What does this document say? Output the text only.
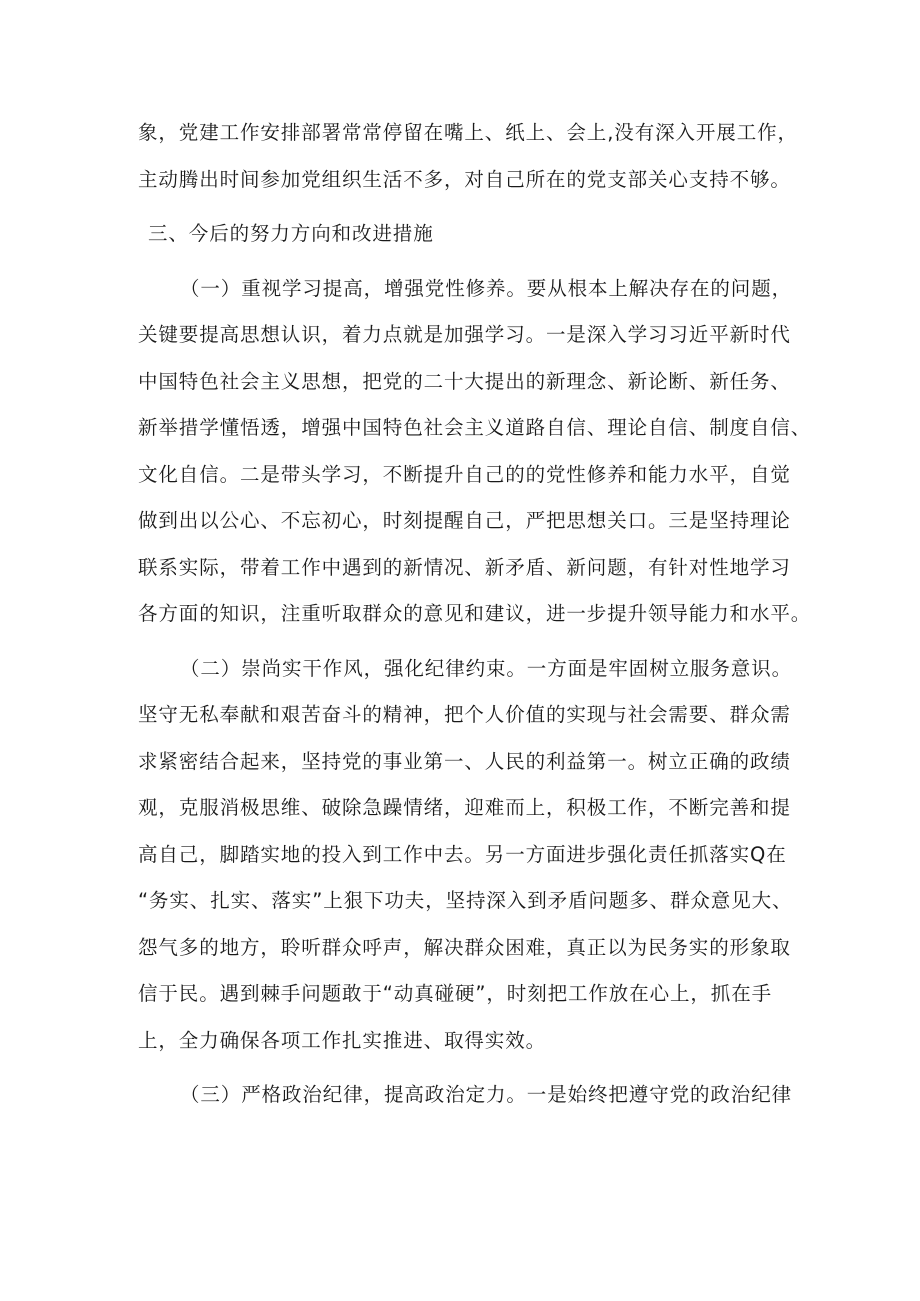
象，党建工作安排部署常常停留在嘴上、纸上、会上,没有深入开展工作，
主动腾出时间参加党组织生活不多，对自己所在的党支部关心支持不够。
三、今后的努力方向和改进措施
（一）重视学习提高，增强党性修养。要从根本上解决存在的问题，
关键要提高思想认识，着力点就是加强学习。一是深入学习习近平新时代
中国特色社会主义思想，把党的二十大提出的新理念、新论断、新任务、
新举措学懂悟透，增强中国特色社会主义道路自信、理论自信、制度自信、
文化自信。二是带头学习，不断提升自己的的党性修养和能力水平，自觉
做到出以公心、不忘初心，时刻提醒自己，严把思想关口。三是坚持理论
联系实际，带着工作中遇到的新情况、新矛盾、新问题，有针对性地学习
各方面的知识，注重听取群众的意见和建议，进一步提升领导能力和水平。
（二）崇尚实干作风，强化纪律约束。一方面是牢固树立服务意识。
坚守无私奉献和艰苦奋斗的精神，把个人价值的实现与社会需要、群众需
求紧密结合起来，坚持党的事业第一、人民的利益第一。树立正确的政绩
观，克服消极思维、破除急躁情绪，迎难而上，积极工作，不断完善和提
高自己，脚踏实地的投入到工作中去。另一方面进步强化责任抓落实Q在
“务实、扎实、落实”上狠下功夫，坚持深入到矛盾问题多、群众意见大、
怨气多的地方，聆听群众呼声，解决群众困难，真正以为民务实的形象取
信于民。遇到棘手问题敢于“动真碰硬”，时刻把工作放在心上，抓在手
上，全力确保各项工作扎实推进、取得实效。
（三）严格政治纪律，提高政治定力。一是始终把遵守党的政治纪律
